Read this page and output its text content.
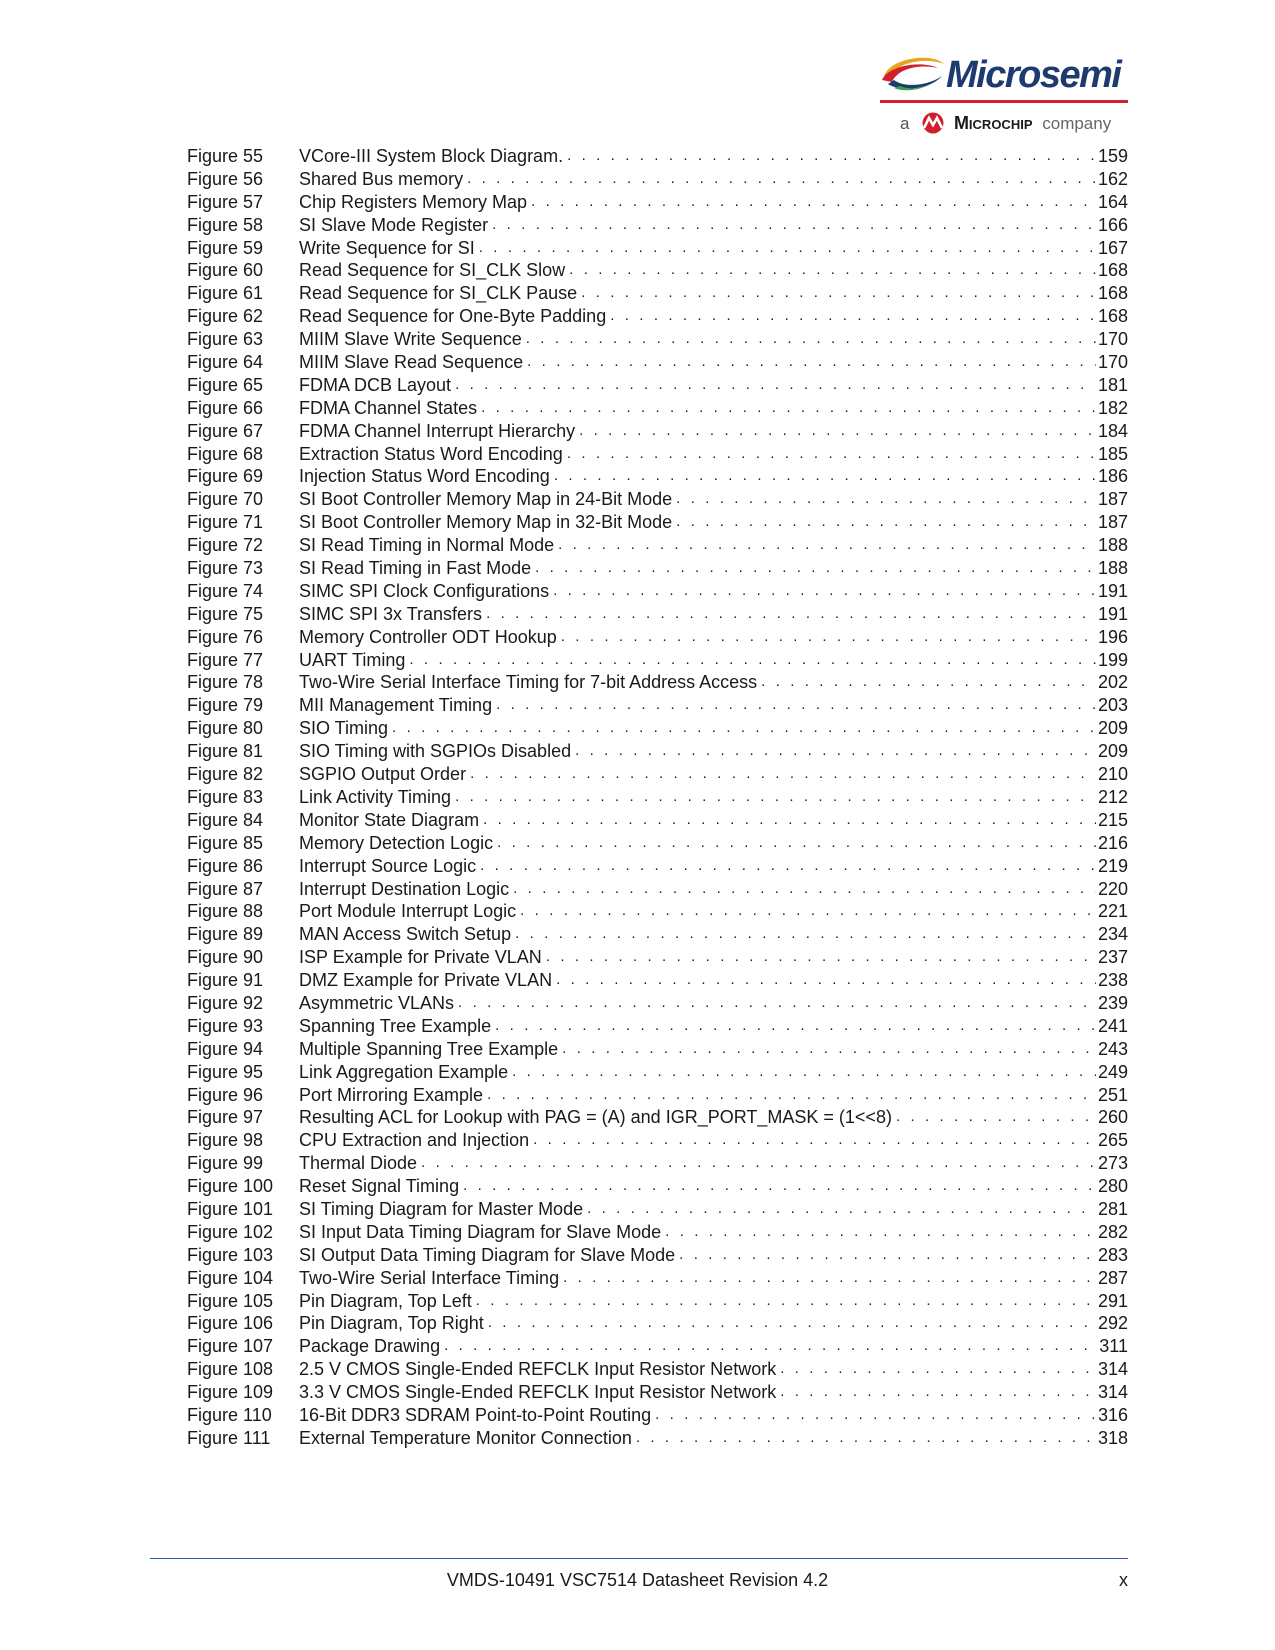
Microsemi
a Microchip company
Figure 55	VCore-III System Block Diagram. . . .	159
Figure 56	Shared Bus memory . . .	162
Figure 57	Chip Registers Memory Map . . .	164
Figure 58	SI Slave Mode Register . . .	166
Figure 59	Write Sequence for SI . . .	167
Figure 60	Read Sequence for SI_CLK Slow . . .	168
Figure 61	Read Sequence for SI_CLK Pause . . .	168
Figure 62	Read Sequence for One-Byte Padding . . .	168
Figure 63	MIIM Slave Write Sequence . . .	170
Figure 64	MIIM Slave Read Sequence . . .	170
Figure 65	FDMA DCB Layout . . .	181
Figure 66	FDMA Channel States . . .	182
Figure 67	FDMA Channel Interrupt Hierarchy . . .	184
Figure 68	Extraction Status Word Encoding . . .	185
Figure 69	Injection Status Word Encoding . . .	186
Figure 70	SI Boot Controller Memory Map in 24-Bit Mode . . .	187
Figure 71	SI Boot Controller Memory Map in 32-Bit Mode . . .	187
Figure 72	SI Read Timing in Normal Mode . . .	188
Figure 73	SI Read Timing in Fast Mode . . .	188
Figure 74	SIMC SPI Clock Configurations . . .	191
Figure 75	SIMC SPI 3x Transfers . . .	191
Figure 76	Memory Controller ODT Hookup . . .	196
Figure 77	UART Timing . . .	199
Figure 78	Two-Wire Serial Interface Timing for 7-bit Address Access . . .	202
Figure 79	MII Management Timing . . .	203
Figure 80	SIO Timing . . .	209
Figure 81	SIO Timing with SGPIOs Disabled . . .	209
Figure 82	SGPIO Output Order . . .	210
Figure 83	Link Activity Timing . . .	212
Figure 84	Monitor State Diagram . . .	215
Figure 85	Memory Detection Logic . . .	216
Figure 86	Interrupt Source Logic . . .	219
Figure 87	Interrupt Destination Logic . . .	220
Figure 88	Port Module Interrupt Logic . . .	221
Figure 89	MAN Access Switch Setup . . .	234
Figure 90	ISP Example for Private VLAN . . .	237
Figure 91	DMZ Example for Private VLAN . . .	238
Figure 92	Asymmetric VLANs . . .	239
Figure 93	Spanning Tree Example . . .	241
Figure 94	Multiple Spanning Tree Example . . .	243
Figure 95	Link Aggregation Example . . .	249
Figure 96	Port Mirroring Example . . .	251
Figure 97	Resulting ACL for Lookup with PAG = (A) and IGR_PORT_MASK = (1<<8) . . .	260
Figure 98	CPU Extraction and Injection . . .	265
Figure 99	Thermal Diode . . .	273
Figure 100	Reset Signal Timing . . .	280
Figure 101	SI Timing Diagram for Master Mode . . .	281
Figure 102	SI Input Data Timing Diagram for Slave Mode . . .	282
Figure 103	SI Output Data Timing Diagram for Slave Mode . . .	283
Figure 104	Two-Wire Serial Interface Timing . . .	287
Figure 105	Pin Diagram, Top Left . . .	291
Figure 106	Pin Diagram, Top Right . . .	292
Figure 107	Package Drawing . . .	311
Figure 108	2.5 V CMOS Single-Ended REFCLK Input Resistor Network . . .	314
Figure 109	3.3 V CMOS Single-Ended REFCLK Input Resistor Network . . .	314
Figure 110	16-Bit DDR3 SDRAM Point-to-Point Routing . . .	316
Figure 111	External Temperature Monitor Connection . . .	318
VMDS-10491 VSC7514 Datasheet Revision 4.2	x
